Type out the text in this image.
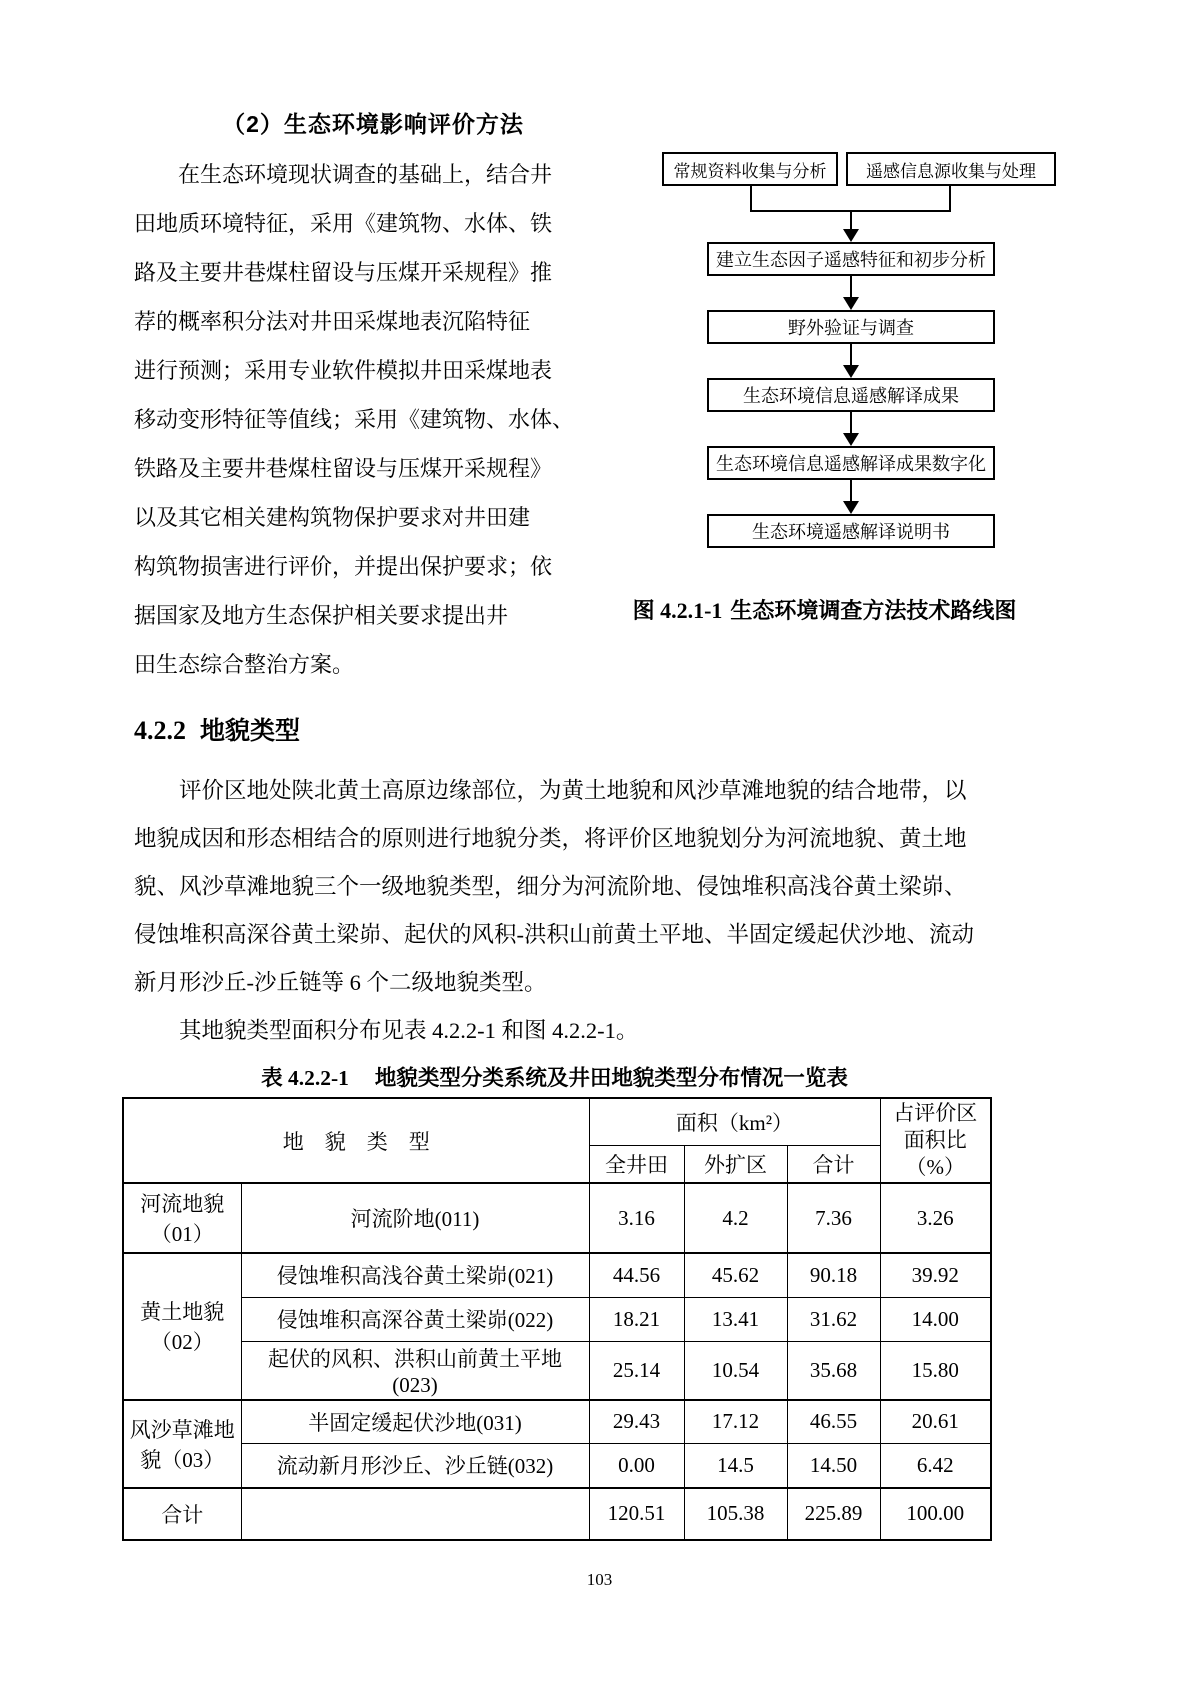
（2）生态环境影响评价方法
　　在生态环境现状调查的基础上，结合井
田地质环境特征，采用《建筑物、水体、铁
路及主要井巷煤柱留设与压煤开采规程》推
荐的概率积分法对井田采煤地表沉陷特征
进行预测；采用专业软件模拟井田采煤地表
移动变形特征等值线；采用《建筑物、水体、
铁路及主要井巷煤柱留设与压煤开采规程》
以及其它相关建构筑物保护要求对井田建
构筑物损害进行评价，并提出保护要求；依
据国家及地方生态保护相关要求提出井
田生态综合整治方案。
常规资料收集与分析	遥感信息源收集与处理
建立生态因子遥感特征和初步分析
野外验证与调查
生态环境信息遥感解译成果
生态环境信息遥感解译成果数字化
生态环境遥感解译说明书
图 4.2.1-1 生态环境调查方法技术路线图
4.2.2 地貌类型
　　评价区地处陕北黄土高原边缘部位，为黄土地貌和风沙草滩地貌的结合地带，以
地貌成因和形态相结合的原则进行地貌分类，将评价区地貌划分为河流地貌、黄土地
貌、风沙草滩地貌三个一级地貌类型，细分为河流阶地、侵蚀堆积高浅谷黄土梁峁、
侵蚀堆积高深谷黄土梁峁、起伏的风积-洪积山前黄土平地、半固定缓起伏沙地、流动
新月形沙丘-沙丘链等 6 个二级地貌类型。
　　其地貌类型面积分布见表 4.2.2-1 和图 4.2.2-1。
表 4.2.2-1 地貌类型分类系统及井田地貌类型分布情况一览表
地　貌　类　型		面积（km²）			占评价区
面积比（%）

		全井田	外扩区	合计	
河流地貌（01）	河流阶地(011)	3.16	4.2	7.36	3.26
黄土地貌（02）	侵蚀堆积高浅谷黄土梁峁(021)	44.56	45.62	90.18	39.92
	侵蚀堆积高深谷黄土梁峁(022)	18.21	13.41	31.62	14.00
	起伏的风积、洪积山前黄土平地(023)	25.14	10.54	35.68	15.80
风沙草滩地貌（03）	半固定缓起伏沙地(031)	29.43	17.12	46.55	20.61
	流动新月形沙丘、沙丘链(032)	0.00	14.5	14.50	6.42
合计		120.51	105.38	225.89	100.00
103
